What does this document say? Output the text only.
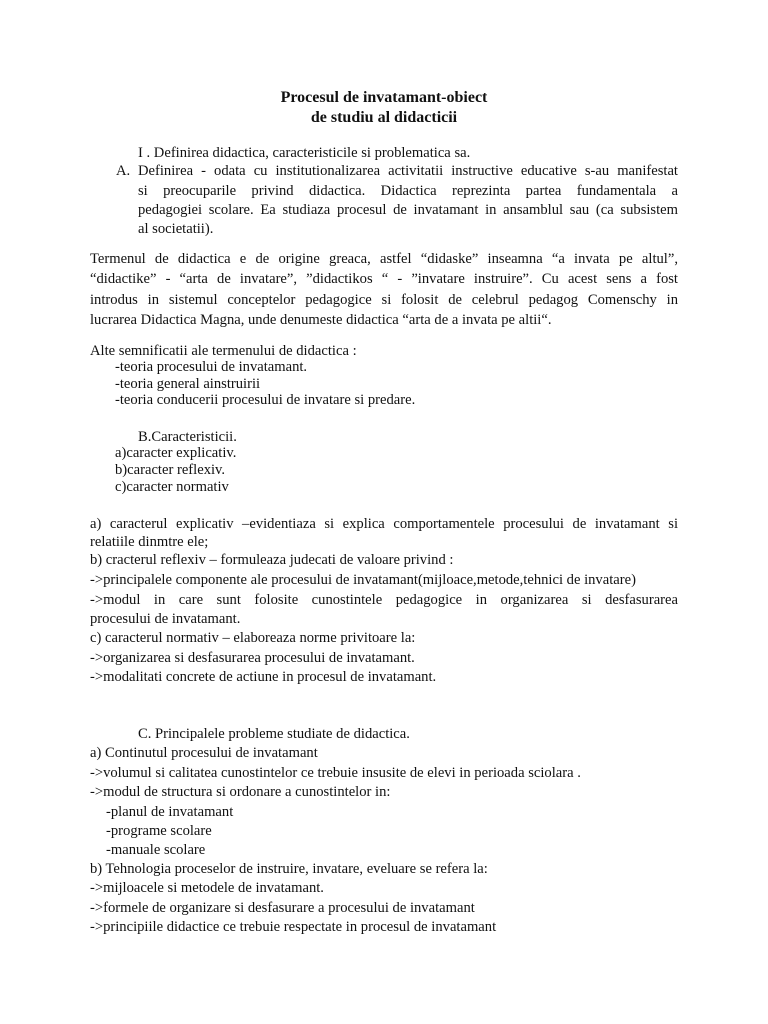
Procesul de invatamant-obiect
de studiu al didacticii
I . Definirea didactica, caracteristicile si problematica sa.
A. Definirea - odata cu institutionalizarea activitatii instructive educative s-au manifestat
si preocuparile privind didactica. Didactica reprezinta partea fundamentala a
pedagogiei scolare. Ea studiaza procesul de invatamant in ansamblul sau (ca subsistem
al societatii).
Termenul de didactica e de origine greaca, astfel “didaske” inseamna “a invata pe altul”,
“didactike” - “arta de invatare”, ”didactikos “ - ”invatare instruire”. Cu acest sens a fost
introdus in sistemul conceptelor pedagogice si folosit de celebrul pedagog Comenschy in
lucrarea Didactica Magna, unde denumeste didactica “arta de a invata pe altii“.
Alte semnificatii ale termenului de didactica :
-teoria procesului de invatamant.
-teoria general ainstruirii
-teoria conducerii procesului de invatare si predare.
B.Caracteristicii.
a)caracter explicativ.
b)caracter reflexiv.
c)caracter normativ
a) caracterul explicativ –evidentiaza si explica comportamentele procesului de invatamant si
relatiile dinmtre ele;
b) cracterul reflexiv – formuleaza judecati de valoare privind :
->principalele componente ale procesului de invatamant(mijloace,metode,tehnici de invatare)
->modul in care sunt folosite cunostintele pedagogice in organizarea si desfasurarea
procesului de invatamant.
c) caracterul normativ – elaboreaza norme privitoare la:
->organizarea si desfasurarea procesului de invatamant.
->modalitati concrete de actiune in procesul de invatamant.
C. Principalele probleme studiate de didactica.
a) Continutul procesului de invatamant
->volumul si calitatea cunostintelor ce trebuie insusite de elevi in perioada sciolara .
->modul de structura si ordonare a cunostintelor in:
-planul de invatamant
-programe scolare
-manuale scolare
b) Tehnologia proceselor de instruire, invatare, eveluare se refera la:
->mijloacele si metodele de invatamant.
->formele de organizare si desfasurare a procesului de invatamant
->principiile didactice ce trebuie respectate in procesul de invatamant
